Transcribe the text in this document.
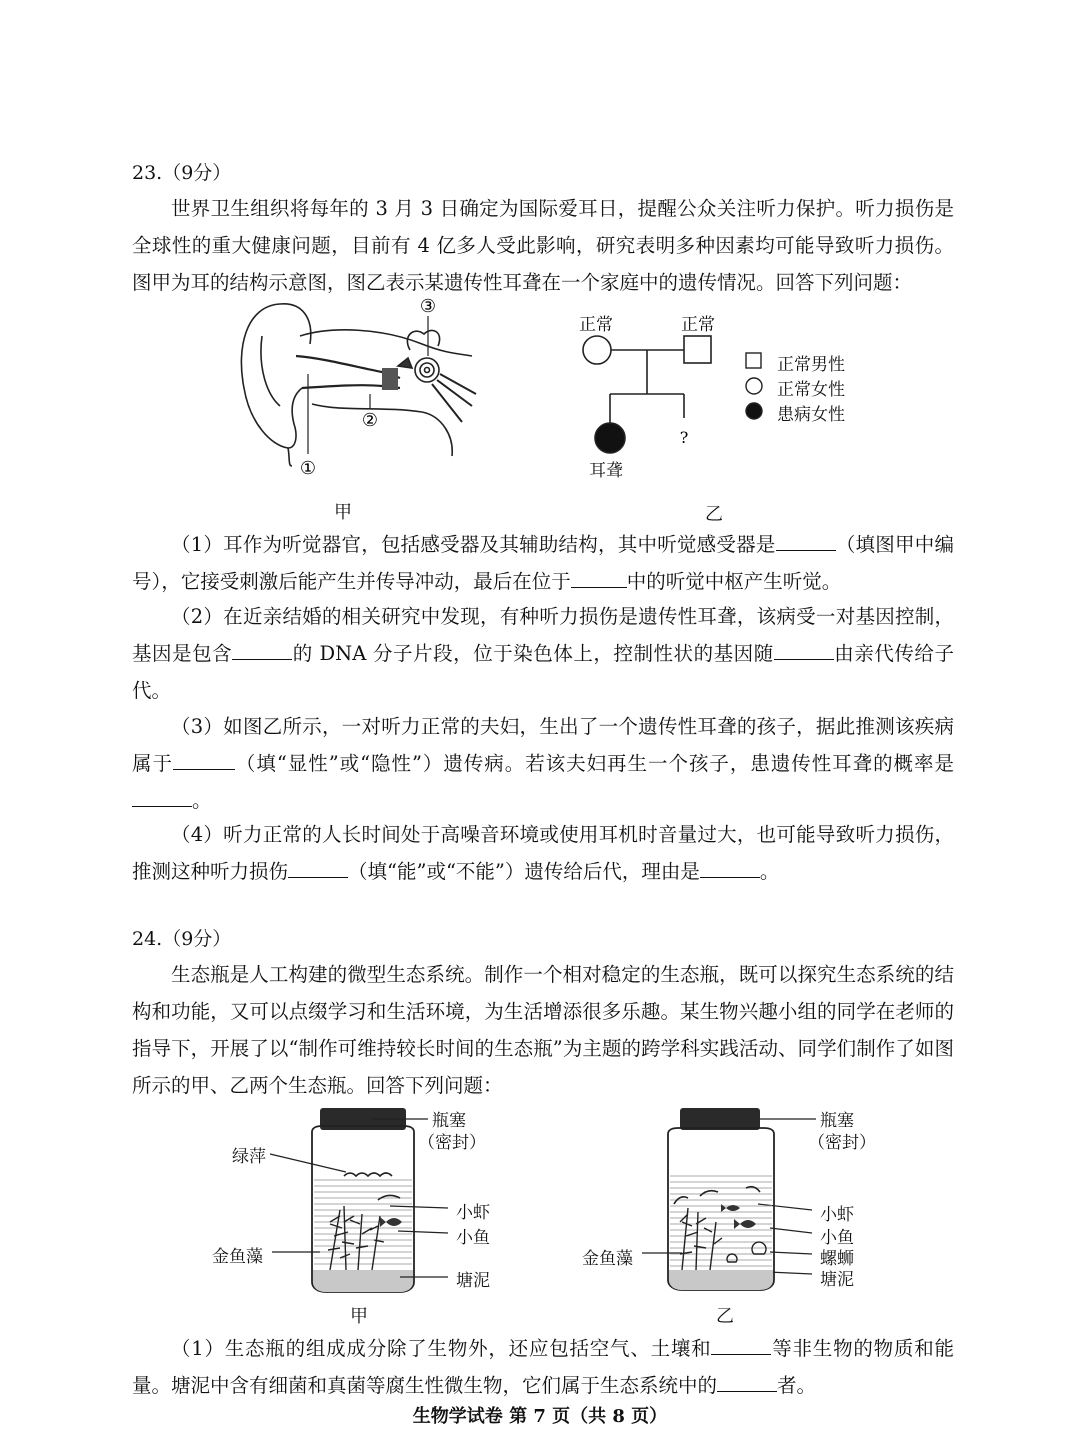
23.（9分）
世界卫生组织将每年的 3 月 3 日确定为国际爱耳日，提醒公众关注听力保护。听力损伤是全球性的重大健康问题，目前有 4 亿多人受此影响，研究表明多种因素均可能导致听力损伤。图甲为耳的结构示意图，图乙表示某遗传性耳聋在一个家庭中的遗传情况。回答下列问题：
①
②
③
甲
正常	正常
?
耳聋
正常男性
正常女性
患病女性
乙
（1）耳作为听觉器官，包括感受器及其辅助结构，其中听觉感受器是	（填图甲中编号），它接受刺激后能产生并传导冲动，最后在位于	中的听觉中枢产生听觉。
（2）在近亲结婚的相关研究中发现，有种听力损伤是遗传性耳聋，该病受一对基因控制，基因是包含	的 DNA 分子片段，位于染色体上，控制性状的基因随	由亲代传给子代。
（3）如图乙所示，一对听力正常的夫妇，生出了一个遗传性耳聋的孩子，据此推测该疾病属于	（填“显性”或“隐性”）遗传病。若该夫妇再生一个孩子，患遗传性耳聋的概率是。
（4）听力正常的人长时间处于高噪音环境或使用耳机时音量过大，也可能导致听力损伤，推测这种听力损伤	（填“能”或“不能”）遗传给后代，理由是	。
24.（9分）
生态瓶是人工构建的微型生态系统。制作一个相对稳定的生态瓶，既可以探究生态系统的结构和功能，又可以点缀学习和生活环境，为生活增添很多乐趣。某生物兴趣小组的同学在老师的指导下，开展了以“制作可维持较长时间的生态瓶”为主题的跨学科实践活动、同学们制作了如图所示的甲、乙两个生态瓶。回答下列问题：
瓶塞
（密封）
绿萍
小虾
小鱼
金鱼藻
塘泥
甲
瓶塞
（密封）
小虾
小鱼
螺蛳
金鱼藻
塘泥
乙
（1）生态瓶的组成成分除了生物外，还应包括空气、土壤和	等非生物的物质和能量。塘泥中含有细菌和真菌等腐生性微生物，它们属于生态系统中的	者。
生物学试卷 第 7 页（共 8 页）
